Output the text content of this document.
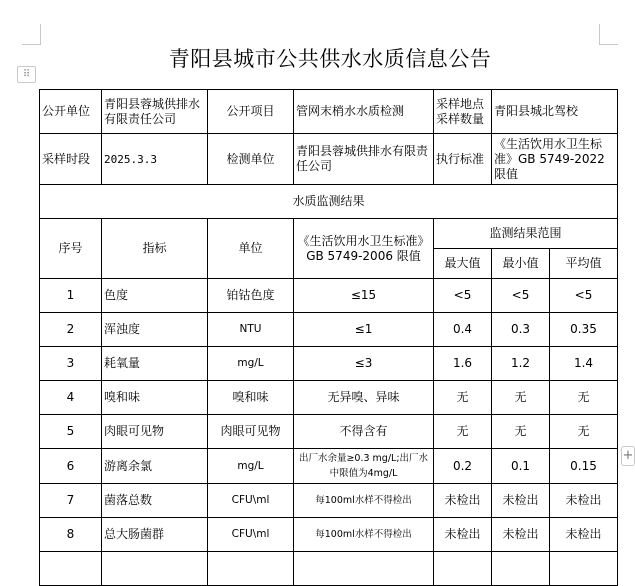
⠿
+
青阳县城市公共供水水质信息公告
公开单位	青阳县蓉城供排水有限责任公司	公开项目	管网末梢水水质检测	采样地点采样数量	青阳县城北驾校	
采样时段	2025.3.3	检测单位	青阳县蓉城供排水有限责任公司	执行标准	《生活饮用水卫生标准》GB 5749-2022 限值	
水质监测结果						
序号	指标	单位	《生活饮用水卫生标准》GB 5749-2006 限值	监测结果范围		
				最大值	最小值	平均值
1	色度	铂钴色度	≤15	<5	<5	<5
2	浑浊度	NTU	≤1	0.4	0.3	0.35
3	耗氧量	mg/L	≤3	1.6	1.2	1.4
4	嗅和味	嗅和味	无异嗅、异味	无	无	无
5	肉眼可见物	肉眼可见物	不得含有	无	无	无
6	游离余氯	mg/L	出厂水余量≥0.3 mg/L;出厂水中限值为4mg/L	0.2	0.1	0.15
7	菌落总数	CFU\ml	每100ml水样不得检出	未检出	未检出	未检出
8	总大肠菌群	CFU\ml	每100ml水样不得检出	未检出	未检出	未检出
